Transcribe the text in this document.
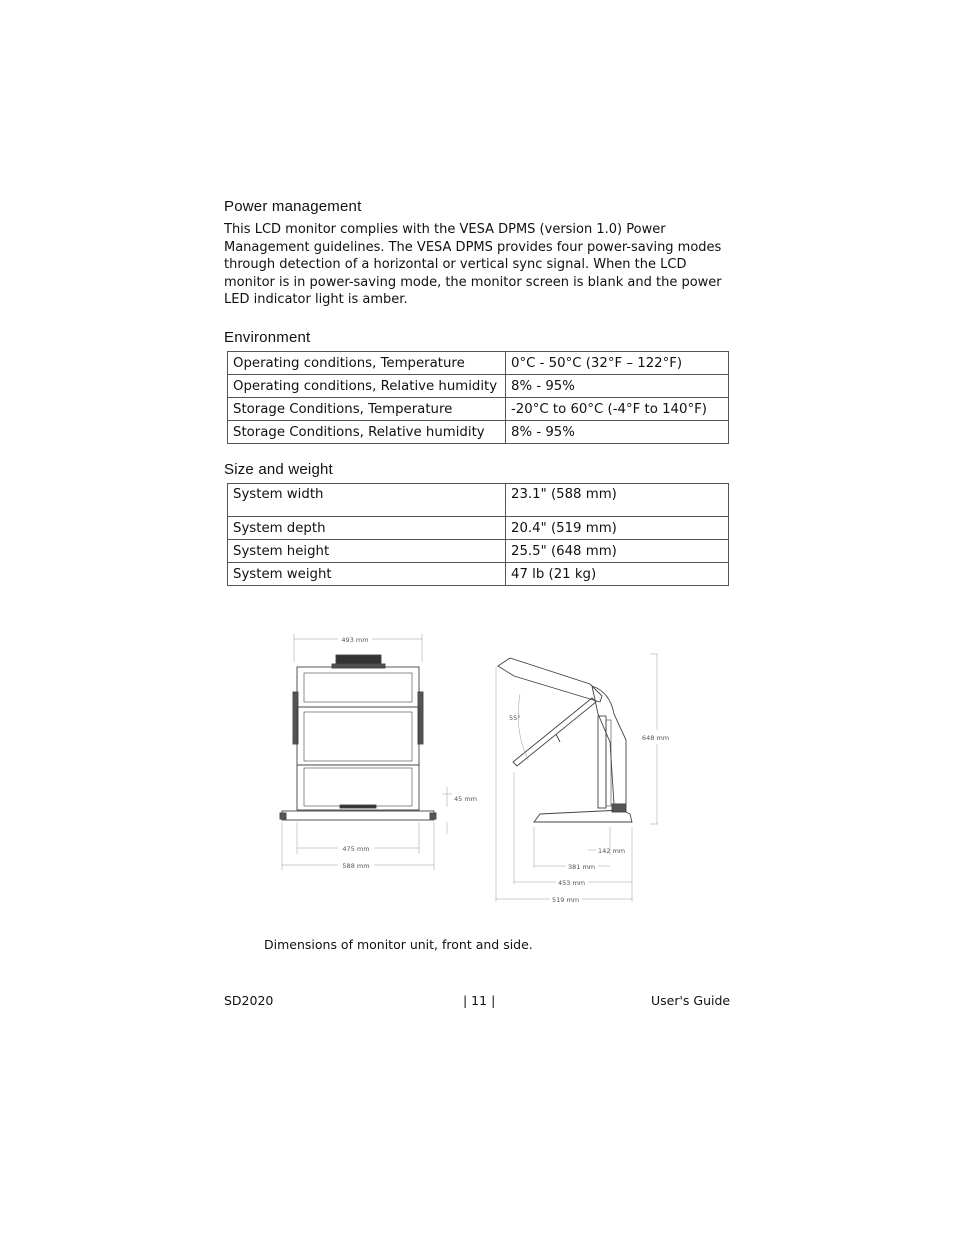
Power management

This LCD monitor complies with the VESA DPMS (version 1.0) Power Management guidelines. The VESA DPMS provides four power-saving modes through detection of a horizontal or vertical sync signal. When the LCD monitor is in power-saving mode, the monitor screen is blank and the power LED indicator light is amber.

Environment
Operating conditions, Temperature	0°C - 50°C (32°F – 122°F)
Operating conditions, Relative humidity	8% - 95%
Storage Conditions, Temperature	-20°C to 60°C (-4°F to 140°F)
Storage Conditions, Relative humidity	8% - 95%
Size and weight
System width	23.1" (588 mm)
System depth	20.4" (519 mm)
System height	25.5" (648 mm)
System weight	47 lb (21 kg)
493 mm
45 mm
475 mm
588 mm
55°
648 mm
142 mm
381 mm
453 mm
519 mm
Dimensions of monitor unit, front and side.
SD2020	| 11 |	User's Guide
